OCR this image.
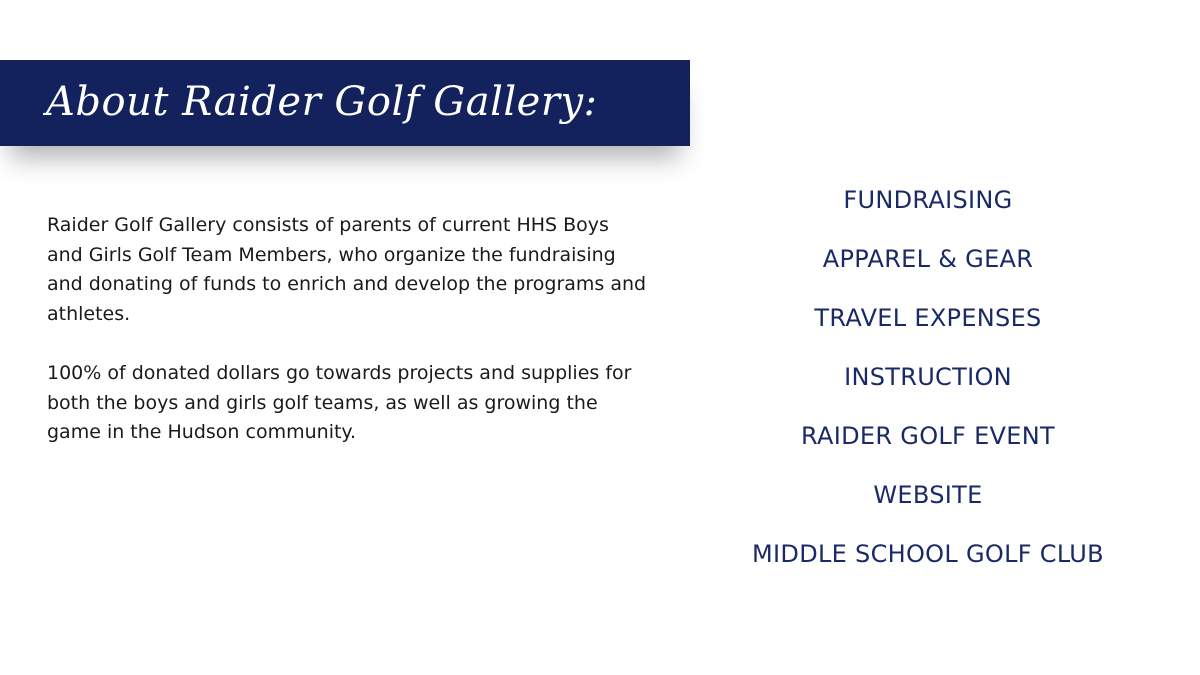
About Raider Golf Gallery:

Raider Golf Gallery consists of parents of current HHS Boys and Girls Golf Team Members, who organize the fundraising and donating of funds to enrich and develop the programs and athletes.

100% of donated dollars go towards projects and supplies for both the boys and girls golf teams, as well as growing the game in the Hudson community.

FUNDRAISING
APPAREL & GEAR
TRAVEL EXPENSES
INSTRUCTION
RAIDER GOLF EVENT
WEBSITE
MIDDLE SCHOOL GOLF CLUB
